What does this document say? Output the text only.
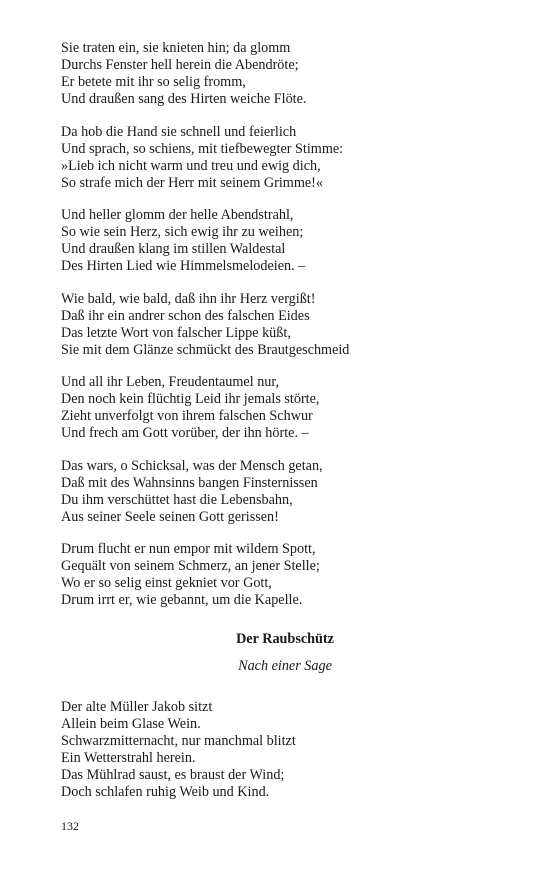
Sie traten ein, sie knieten hin; da glomm
Durchs Fenster hell herein die Abendröte;
Er betete mit ihr so selig fromm,
Und draußen sang des Hirten weiche Flöte.
Da hob die Hand sie schnell und feierlich
Und sprach, so schiens, mit tiefbewegter Stimme:
»Lieb ich nicht warm und treu und ewig dich,
So strafe mich der Herr mit seinem Grimme!«
Und heller glomm der helle Abendstrahl,
So wie sein Herz, sich ewig ihr zu weihen;
Und draußen klang im stillen Waldestal
Des Hirten Lied wie Himmelsmelodeien. –
Wie bald, wie bald, daß ihn ihr Herz vergißt!
Daß ihr ein andrer schon des falschen Eides
Das letzte Wort von falscher Lippe küßt,
Sie mit dem Glänze schmückt des Brautgeschmeid
Und all ihr Leben, Freudentaumel nur,
Den noch kein flüchtig Leid ihr jemals störte,
Zieht unverfolgt von ihrem falschen Schwur
Und frech am Gott vorüber, der ihn hörte. –
Das wars, o Schicksal, was der Mensch getan,
Daß mit des Wahnsinns bangen Finsternissen
Du ihm verschüttet hast die Lebensbahn,
Aus seiner Seele seinen Gott gerissen!
Drum flucht er nun empor mit wildem Spott,
Gequält von seinem Schmerz, an jener Stelle;
Wo er so selig einst gekniet vor Gott,
Drum irrt er, wie gebannt, um die Kapelle.
Der Raubschütz
Nach einer Sage
Der alte Müller Jakob sitzt
Allein beim Glase Wein.
Schwarzmitternacht, nur manchmal blitzt
Ein Wetterstrahl herein.
Das Mühlrad saust, es braust der Wind;
Doch schlafen ruhig Weib und Kind.
132
